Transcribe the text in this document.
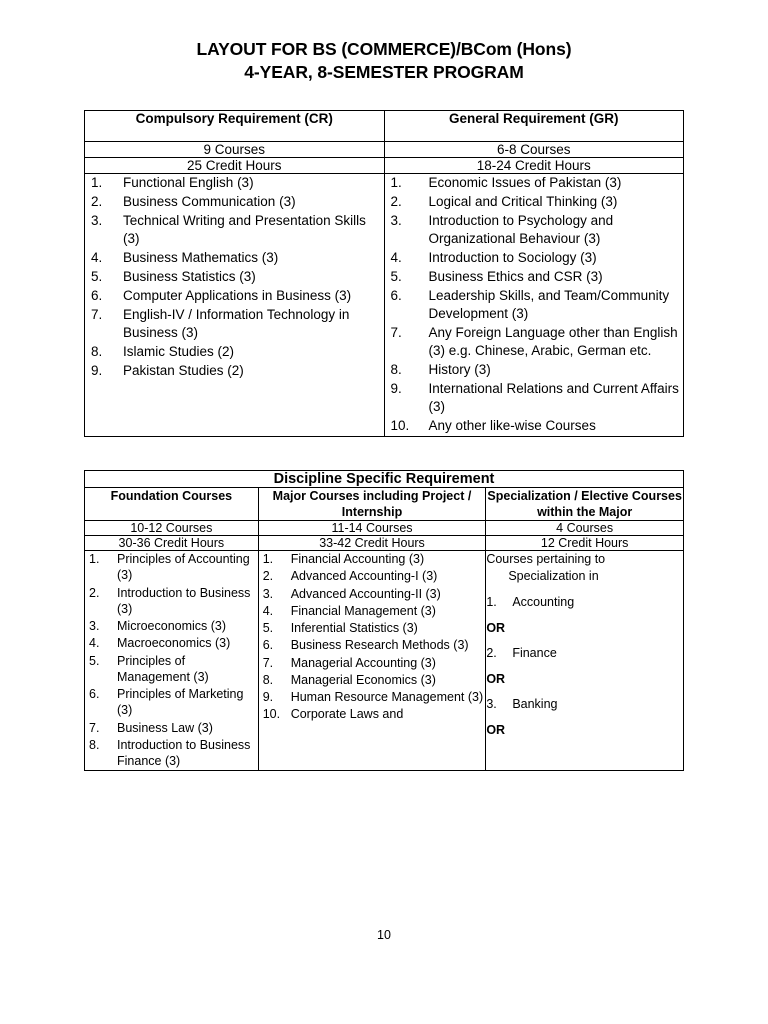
LAYOUT FOR BS (COMMERCE)/BCom (Hons)
4-YEAR, 8-SEMESTER PROGRAM
Compulsory Requirement (CR)	General Requirement (GR)
9 Courses	6-8 Courses
25 Credit Hours	18-24 Credit Hours

1.	Functional English (3)
2.	Business Communication (3)
3.	Technical Writing and Presentation Skills (3)
4.	Business Mathematics (3)
5.	Business Statistics (3)
6.	Computer Applications in Business (3)
7.	English-IV / Information Technology in Business (3)
8.	Islamic Studies (2)
9.	Pakistan Studies (2)

1.	Economic Issues of Pakistan (3)
2.	Logical and Critical Thinking (3)
3.	Introduction to Psychology and Organizational Behaviour (3)
4.	Introduction to Sociology (3)
5.	Business Ethics and CSR (3)
6.	Leadership Skills, and Team/Community Development (3)
7.	Any Foreign Language other than English (3) e.g. Chinese, Arabic, German etc.
8.	History (3)
9.	International Relations and Current Affairs (3)
10.	Any other like-wise Courses
Discipline Specific Requirement		
Foundation Courses	Major Courses including Project / Internship	Specialization / Elective Courses within the Major
10-12 Courses	11-14 Courses	4 Courses
30-36 Credit Hours	33-42 Credit Hours	12 Credit Hours

1.	Principles of Accounting (3)
2.	Introduction to Business (3)
3.	Microeconomics (3)
4.	Macroeconomics (3)
5.	Principles of Management (3)
6.	Principles of Marketing (3)
7.	Business Law (3)
8.	Introduction to Business Finance (3)

1.	Financial Accounting (3)
2.	Advanced Accounting-I (3)
3.	Advanced Accounting-II (3)
4.	Financial Management (3)
5.	Inferential Statistics (3)
6.	Business Research Methods (3)
7.	Managerial Accounting (3)
8.	Managerial Economics (3)
9.	Human Resource Management (3)
10. Corporate Laws and

Courses pertaining to
Specialization in
1.	Accounting
OR
2.	Finance
OR
3.	Banking
OR
10
